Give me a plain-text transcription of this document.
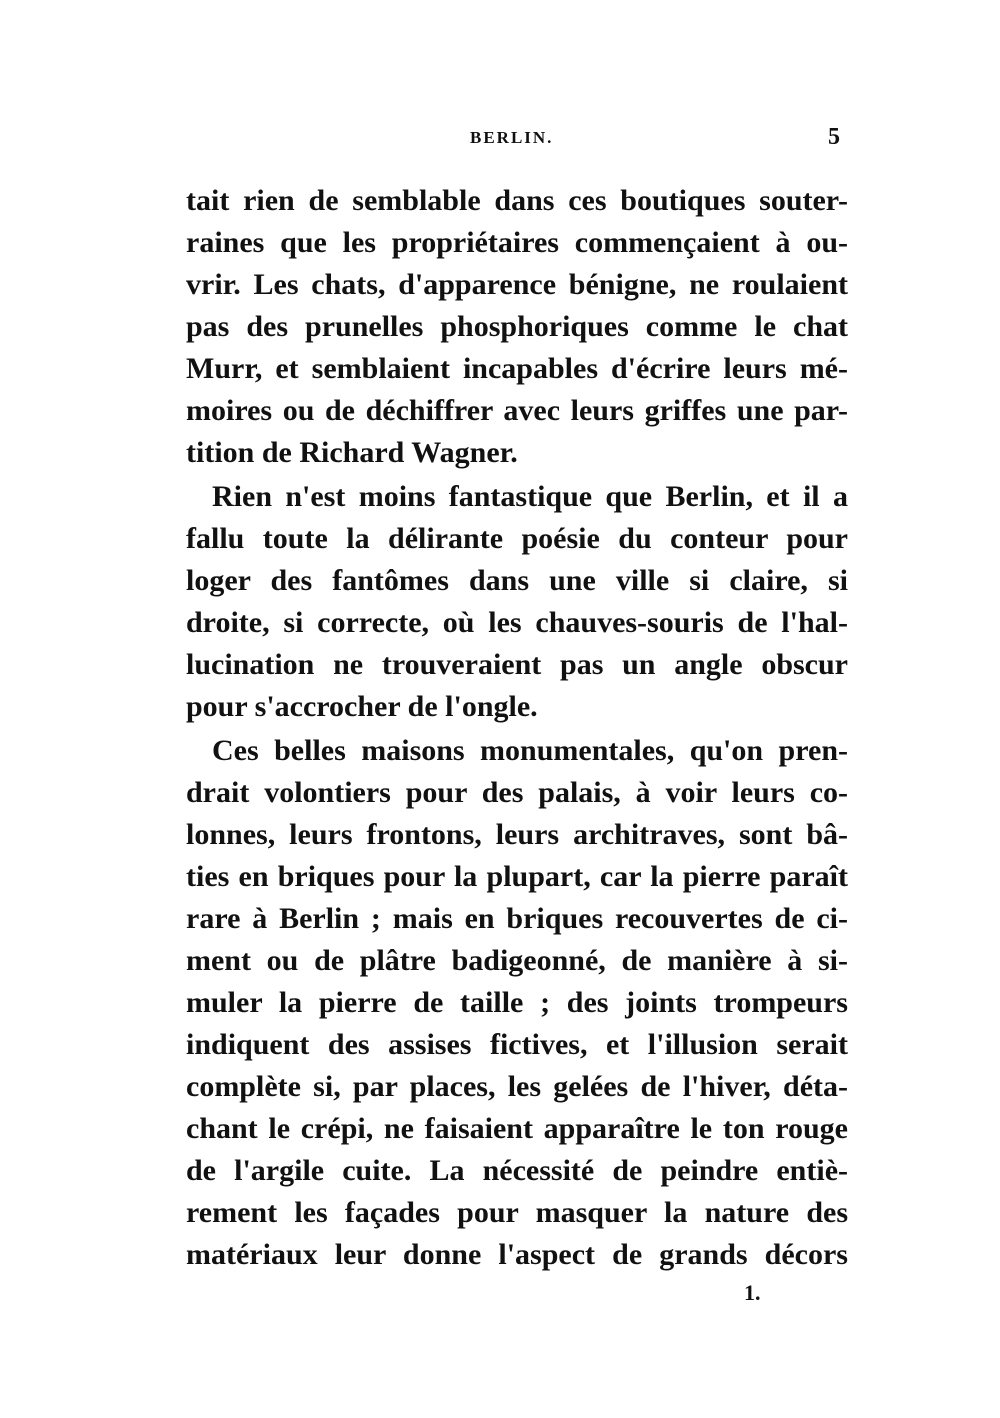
BERLIN.	5
tait rien de semblable dans ces boutiques souter-
raines que les propriétaires commençaient à ou-
vrir. Les chats, d'apparence bénigne, ne roulaient
pas des prunelles phosphoriques comme le chat
Murr, et semblaient incapables d'écrire leurs mé-
moires ou de déchiffrer avec leurs griffes une par-
tition de Richard Wagner.
Rien n'est moins fantastique que Berlin, et il a
fallu toute la délirante poésie du conteur pour
loger des fantômes dans une ville si claire, si
droite, si correcte, où les chauves-souris de l'hal-
lucination ne trouveraient pas un angle obscur
pour s'accrocher de l'ongle.
Ces belles maisons monumentales, qu'on pren-
drait volontiers pour des palais, à voir leurs co-
lonnes, leurs frontons, leurs architraves, sont bâ-
ties en briques pour la plupart, car la pierre paraît
rare à Berlin ; mais en briques recouvertes de ci-
ment ou de plâtre badigeonné, de manière à si-
muler la pierre de taille ; des joints trompeurs
indiquent des assises fictives, et l'illusion serait
complète si, par places, les gelées de l'hiver, déta-
chant le crépi, ne faisaient apparaître le ton rouge
de l'argile cuite. La nécessité de peindre entiè-
rement les façades pour masquer la nature des
matériaux leur donne l'aspect de grands décors
1.
